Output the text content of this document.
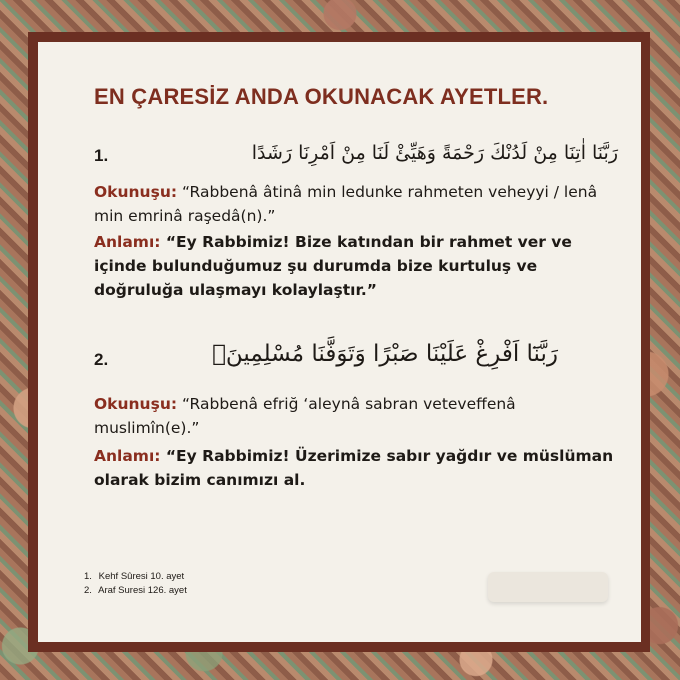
EN ÇARESİZ ANDA OKUNACAK AYETLER.
1.	رَبَّنَا اٰتِنَا مِنْ لَدُنْكَ رَحْمَةً وَهَيِّئْ لَنَا مِنْ اَمْرِنَا رَشَدًا

Okunuşu: “Rabbenâ âtinâ min ledunke rahmeten veheyyi / lenâ min emrinâ raşedâ(n).”

Anlamı: “Ey Rabbimiz! Bize katından bir rahmet ver ve içinde bulunduğumuz şu durumda bize kurtuluş ve doğruluğa ulaşmayı kolaylaştır.”

2.	رَبَّنَٓا اَفْرِغْ عَلَيْنَا صَبْرًا وَتَوَفَّنَا مُسْلِمِينَ۬

Okunuşu: “Rabbenâ efriğ ‘aleynâ sabran veteveffenâ muslimîn(e).”

Anlamı: “Ey Rabbimiz! Üzerimize sabır yağdır ve müslüman olarak bizim canımızı al.

1. Kehf Sûresi 10. ayet
2. Araf Suresi 126. ayet
